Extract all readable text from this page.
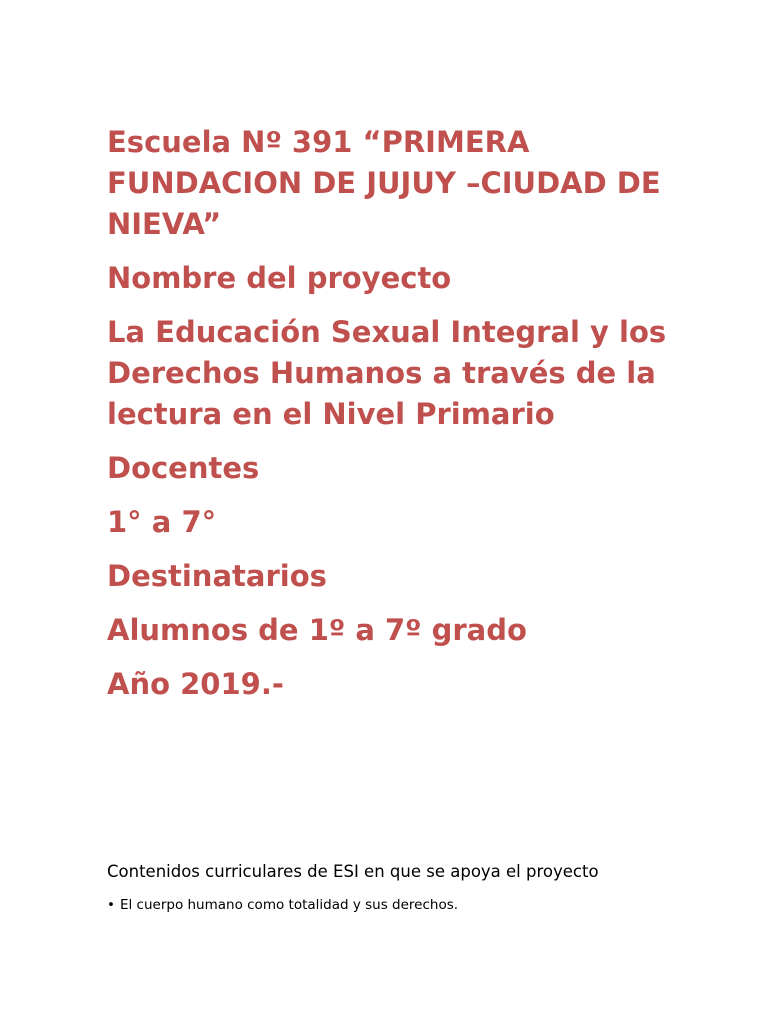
Escuela Nº 391 “PRIMERA FUNDACION DE JUJUY –CIUDAD DE NIEVA”

Nombre del proyecto

La Educación Sexual Integral y los Derechos Humanos a través de la lectura en el Nivel Primario

Docentes

1° a 7°

Destinatarios

Alumnos de 1º a 7º grado

Año 2019.-

Contenidos curriculares de ESI en que se apoya el proyecto

• El cuerpo humano como totalidad y sus derechos.
